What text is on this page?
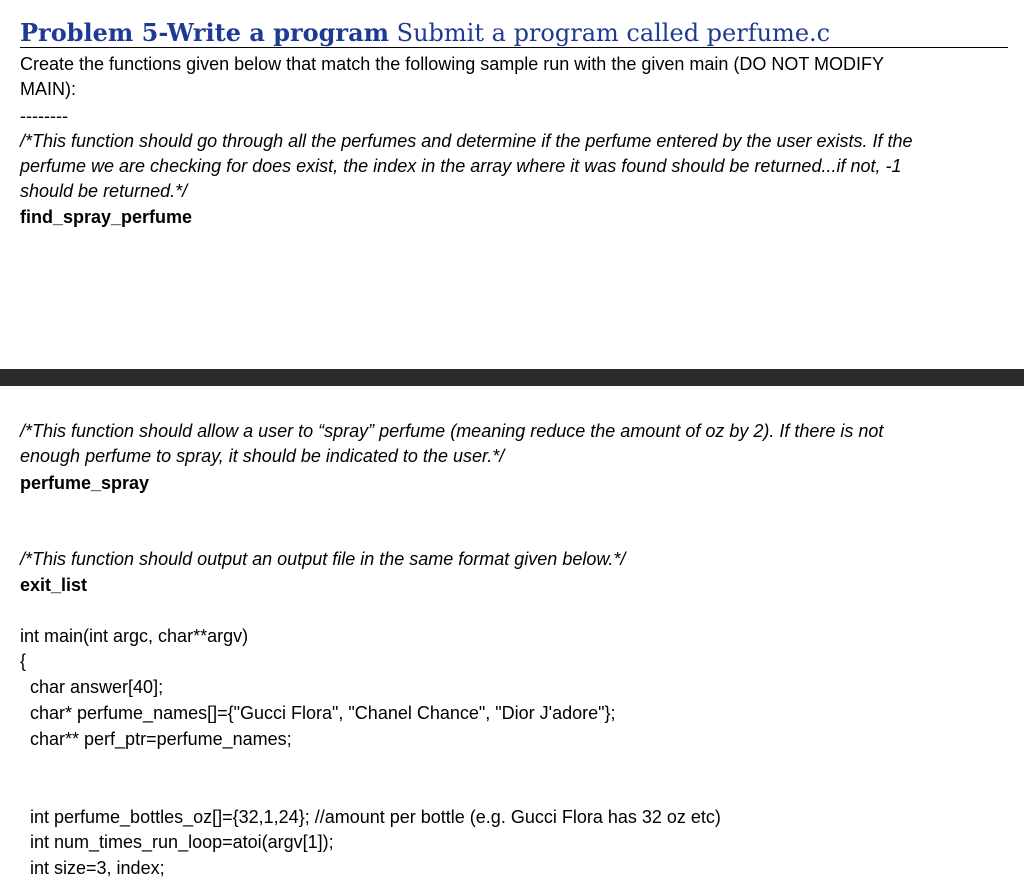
Problem 5-Write a program Submit a program called perfume.c
Create the functions given below that match the following sample run with the given main (DO NOT MODIFY
MAIN):
--------
/*This function should go through all the perfumes and determine if the perfume entered by the user exists. If the
perfume we are checking for does exist, the index in the array where it was found should be returned...if not, -1
should be returned.*/
find_spray_perfume
/*This function should allow a user to “spray” perfume (meaning reduce the amount of oz by 2). If there is not
enough perfume to spray, it should be indicated to the user.*/
perfume_spray
/*This function should output an output file in the same format given below.*/
exit_list
int main(int argc, char**argv)
{
char answer[40];
char* perfume_names[]={"Gucci Flora", "Chanel Chance", "Dior J'adore"};
char** perf_ptr=perfume_names;
int perfume_bottles_oz[]={32,1,24}; //amount per bottle (e.g. Gucci Flora has 32 oz etc)
int num_times_run_loop=atoi(argv[1]);
int size=3, index;
